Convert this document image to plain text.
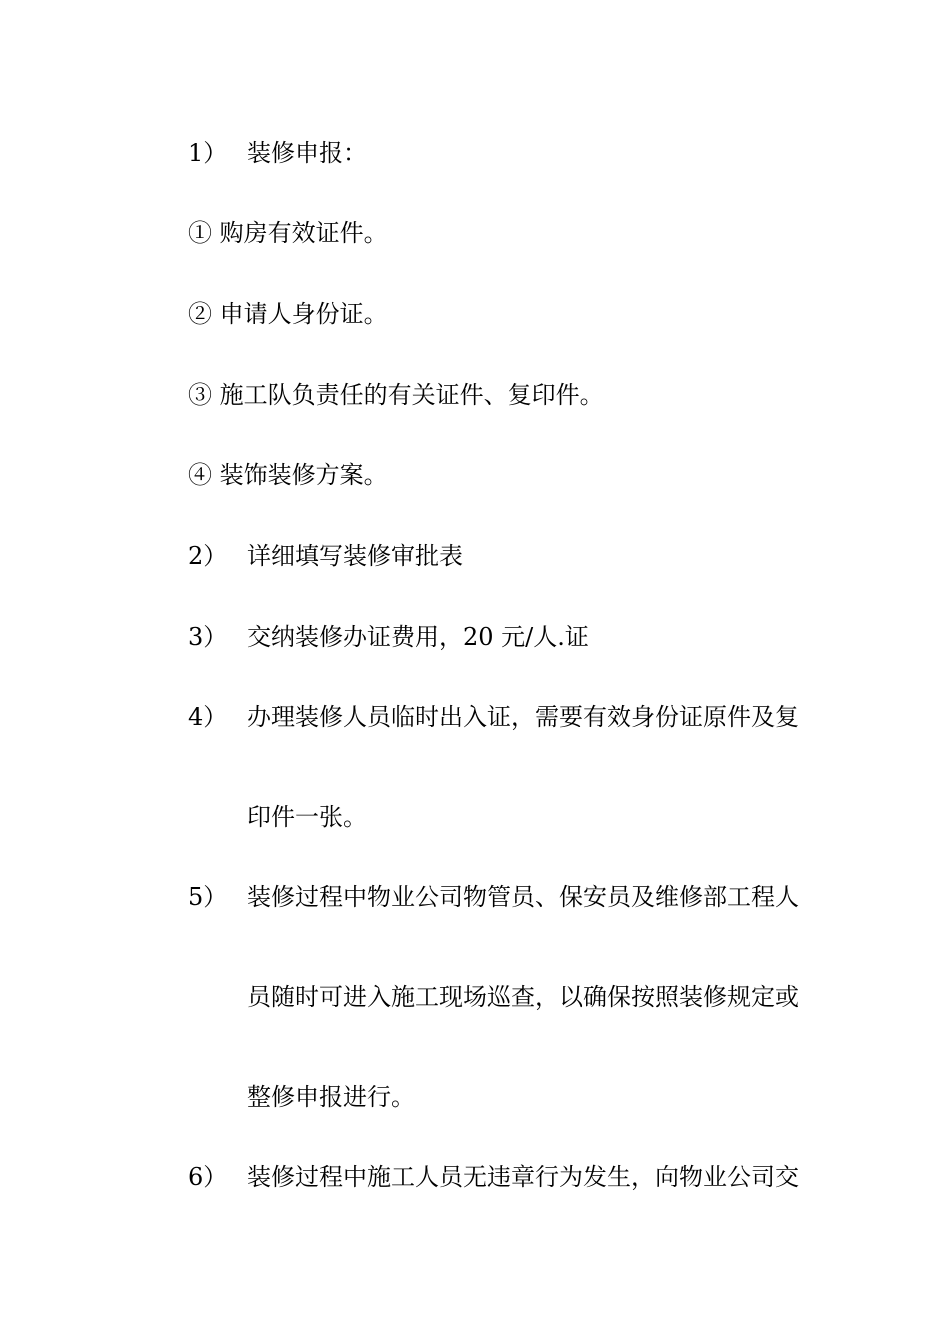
1） 装修申报：
① 购房有效证件。
② 申请人身份证。
③ 施工队负责任的有关证件、复印件。
④ 装饰装修方案。
2） 详细填写装修审批表
3） 交纳装修办证费用，20 元/人.证
4） 办理装修人员临时出入证，需要有效身份证原件及复
印件一张。
5） 装修过程中物业公司物管员、保安员及维修部工程人
员随时可进入施工现场巡查，以确保按照装修规定或
整修申报进行。
6） 装修过程中施工人员无违章行为发生，向物业公司交
